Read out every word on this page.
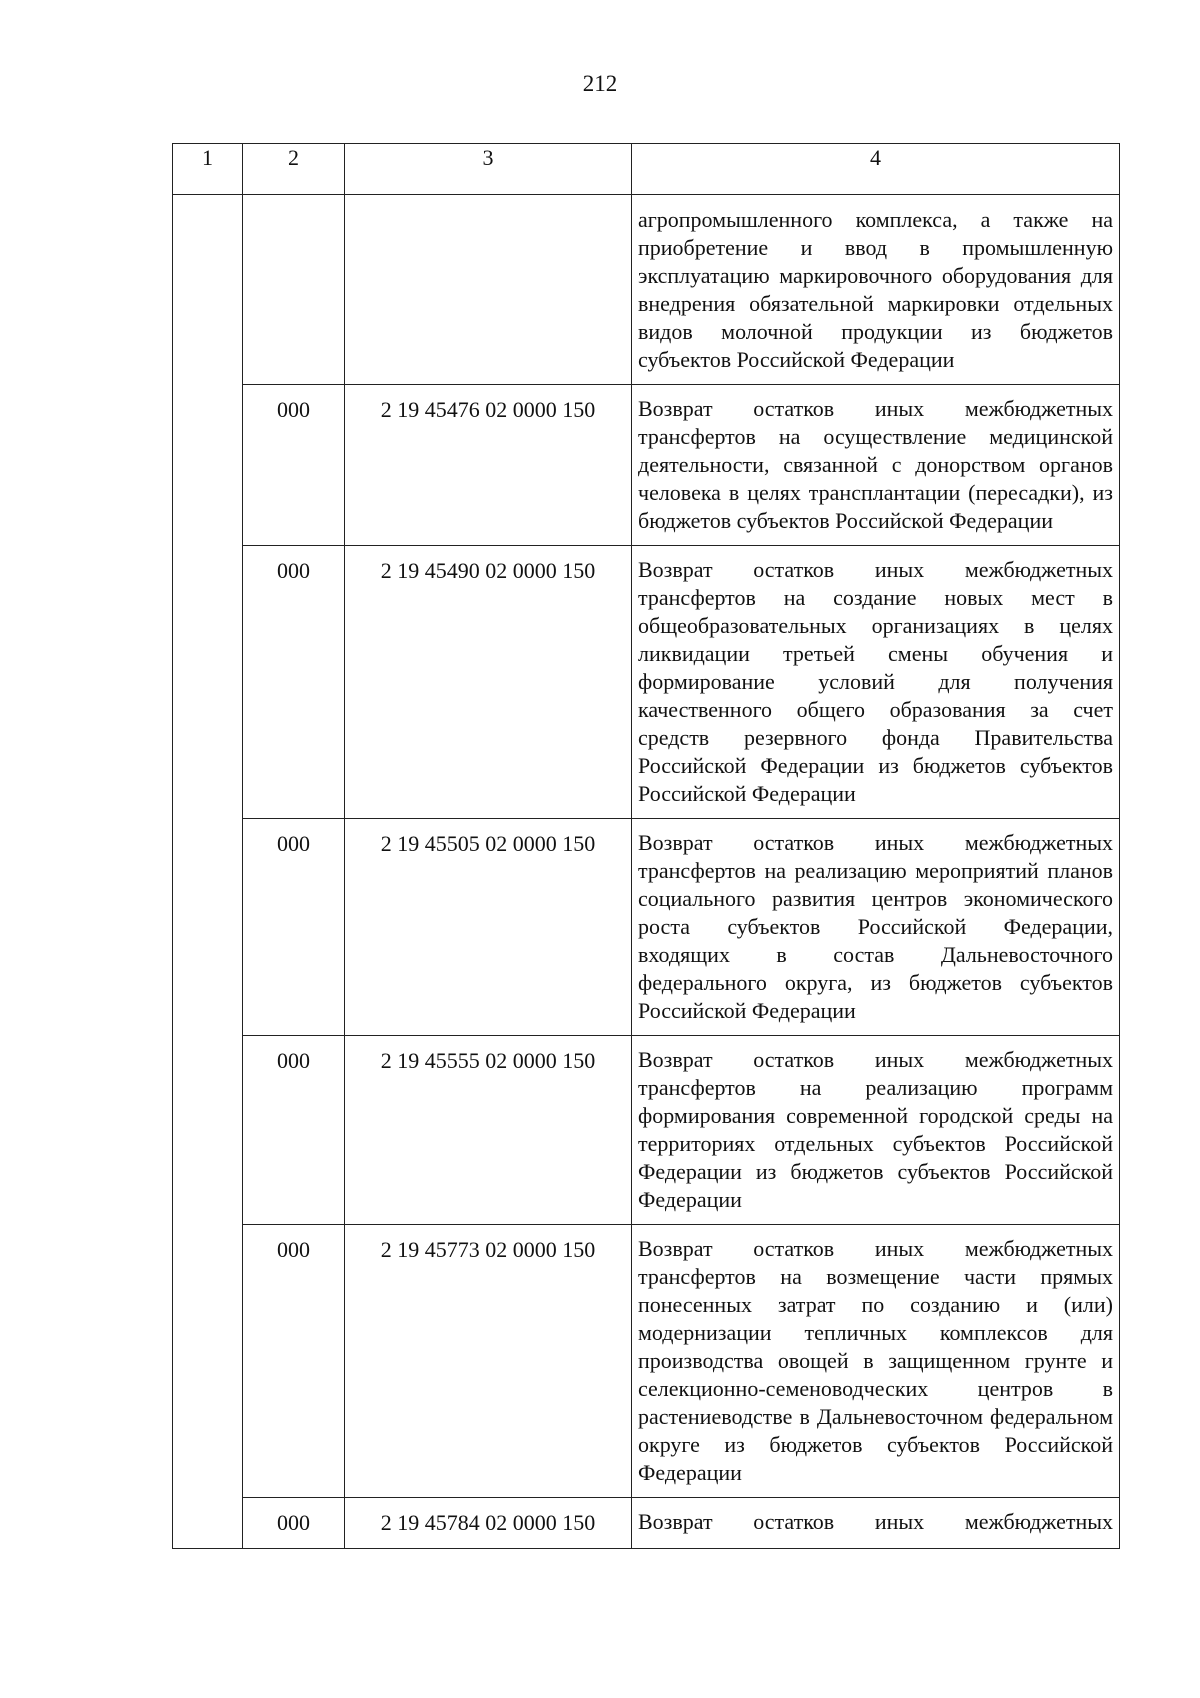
212
1	2	3	4
			агропромышленного комплекса, а также на приобретение и ввод в промышленную эксплуатацию маркировочного оборудования для внедрения обязательной маркировки отдельных видов молочной продукции из бюджетов субъектов Российской Федерации
	000	2 19 45476 02 0000 150	Возврат остатков иных межбюджетных трансфертов на осуществление медицинской деятельности, связанной с донорством органов человека в целях трансплантации (пересадки), из бюджетов субъектов Российской Федерации
	000	2 19 45490 02 0000 150	Возврат остатков иных межбюджетных трансфертов на создание новых мест в общеобразовательных организациях в целях ликвидации третьей смены обучения и формирование условий для получения качественного общего образования за счет средств резервного фонда Правительства Российской Федерации из бюджетов субъектов Российской Федерации
	000	2 19 45505 02 0000 150	Возврат остатков иных межбюджетных трансфертов на реализацию мероприятий планов социального развития центров экономического роста субъектов Российской Федерации, входящих в состав Дальневосточного федерального округа, из бюджетов субъектов Российской Федерации
	000	2 19 45555 02 0000 150	Возврат остатков иных межбюджетных трансфертов на реализацию программ формирования современной городской среды на территориях отдельных субъектов Российской Федерации из бюджетов субъектов Российской Федерации
	000	2 19 45773 02 0000 150	Возврат остатков иных межбюджетных трансфертов на возмещение части прямых понесенных затрат по созданию и (или) модернизации тепличных комплексов для производства овощей в защищенном грунте и селекционно-семеноводческих центров в растениеводстве в Дальневосточном федеральном округе из бюджетов субъектов Российской Федерации
	000	2 19 45784 02 0000 150	Возврат остатков иных межбюджетных
